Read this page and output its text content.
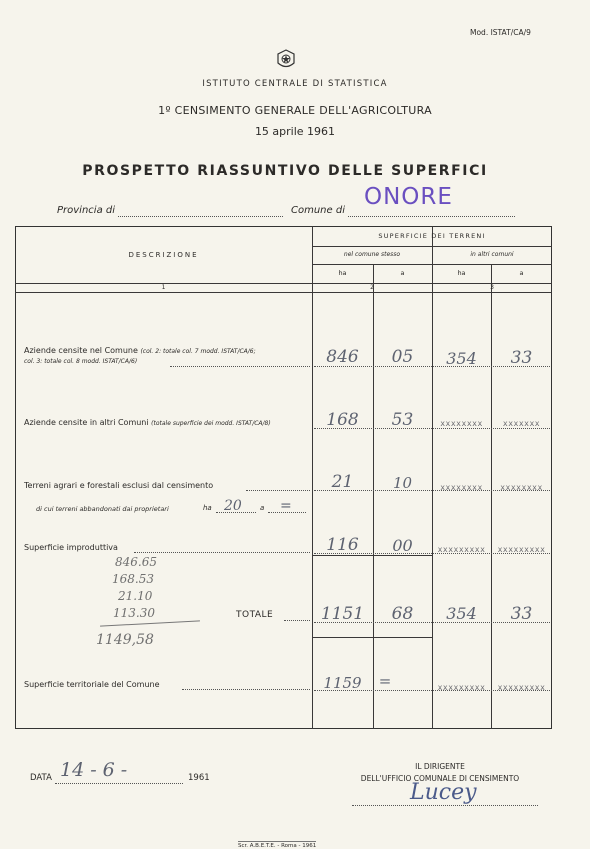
Mod. ISTAT/CA/9
ISTITUTO CENTRALE DI STATISTICA
1º CENSIMENTO GENERALE DELL'AGRICOLTURA
15 aprile 1961
PROSPETTO RIASSUNTIVO DELLE SUPERFICI
Provincia di	Comune di
ONORE
DESCRIZIONE
SUPERFICIE DEI TERRENI
nel comune stesso	in altri comuni
ha	a	ha	a
1	2	3
Aziende censite nel Comune (col. 2: totale col. 7 modd. ISTAT/CA/6;
col. 3: totale col. 8 modd. ISTAT/CA/6)	846	05	354	33
Aziende censite in altri Comuni (totale superficie dei modd. ISTAT/CA/8)	168	53	xxxxxxxx	xxxxxxx
Terreni agrari e forestali esclusi dal censimento	21	10	xxxxxxxx	xxxxxxxx
di cui terreni abbandonati dai proprietari	ha 20	a =
Superficie improduttiva	116	00	xxxxxxxxx	xxxxxxxxx
846.65
168.53
21.10
113.30
1149,58
TOTALE	1151	68	354	33
Superficie territoriale del Comune	1159	=	xxxxxxxxx	xxxxxxxxx
DATA 14 - 6 -	1961
IL DIRIGENTE
DELL'UFFICIO COMUNALE DI CENSIMENTO
Lucey
Scr. A.B.E.T.E. - Roma - 1961
